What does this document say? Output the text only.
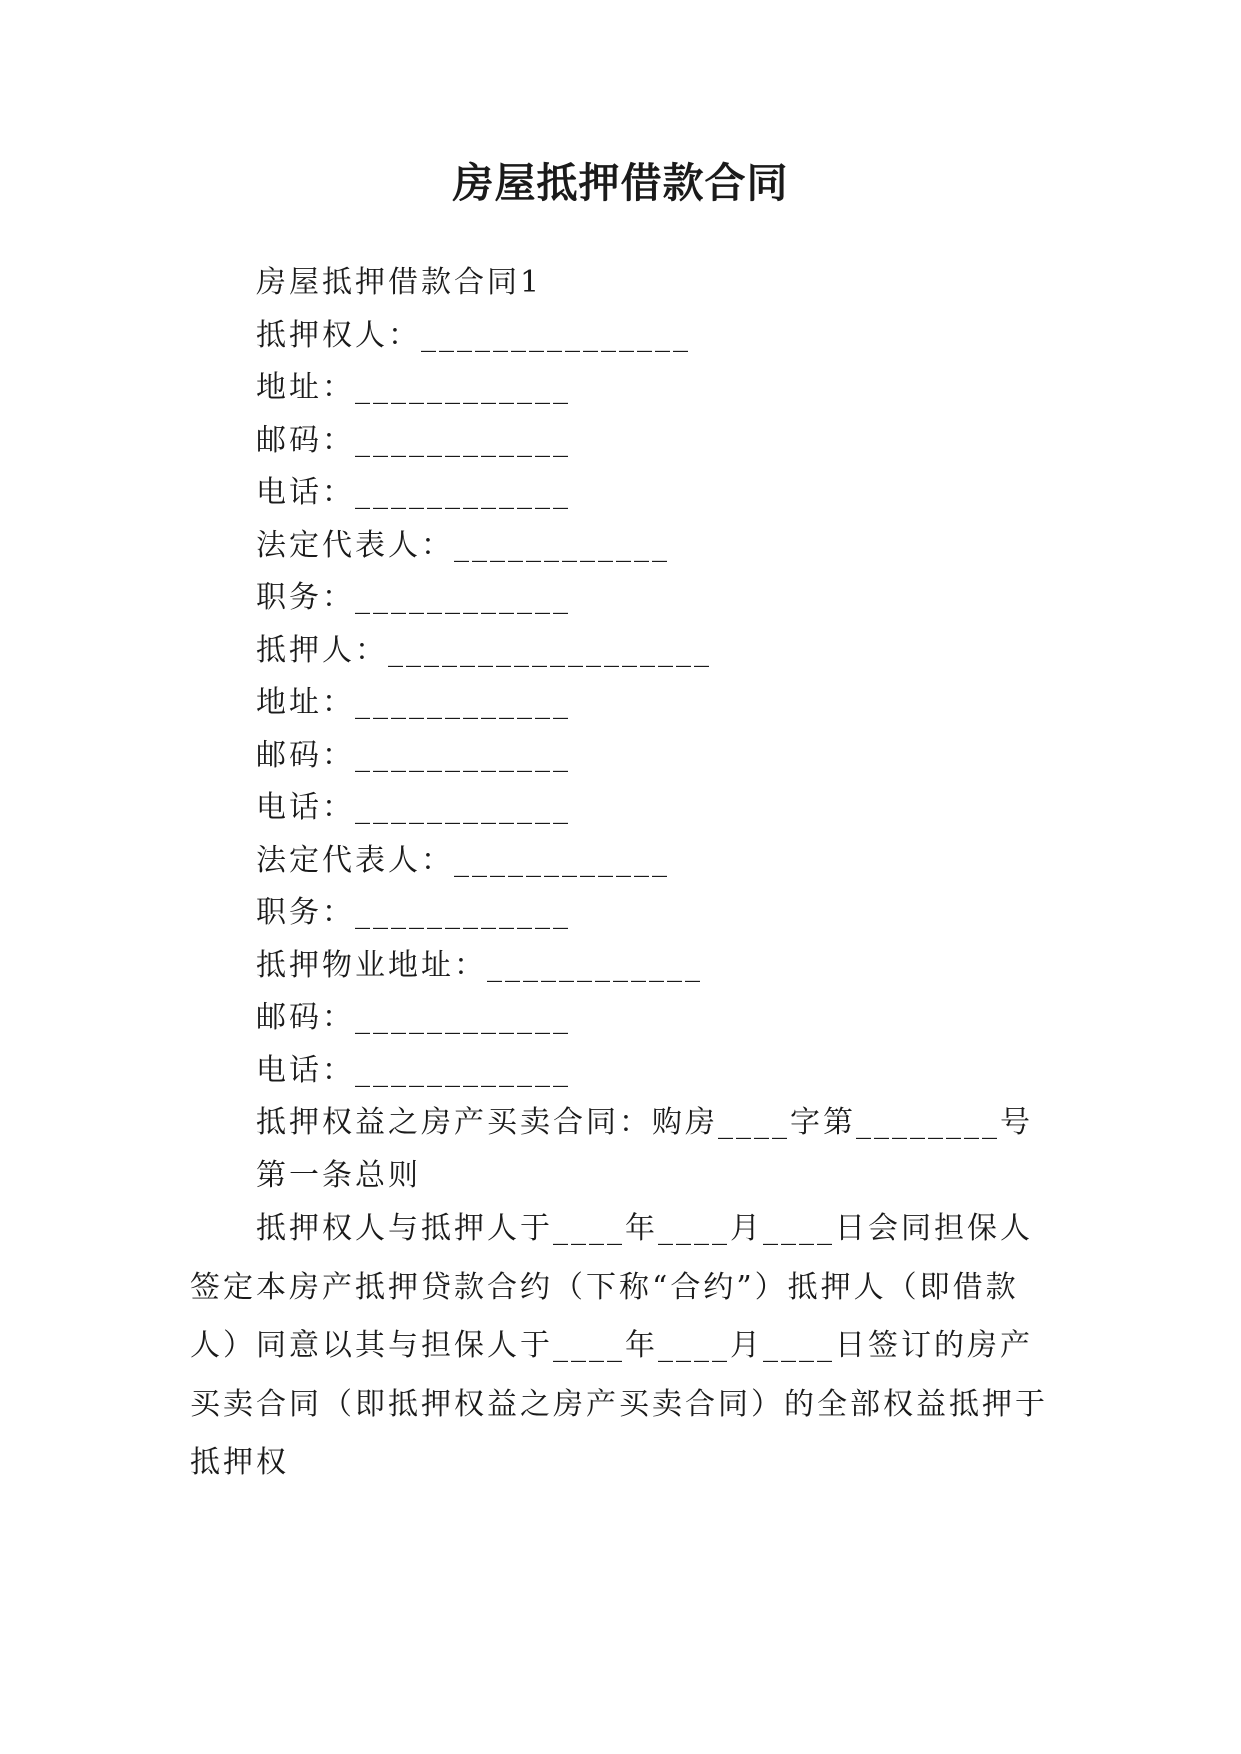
房屋抵押借款合同
房屋抵押借款合同1
抵押权人：_______________
地址：____________
邮码：____________
电话：____________
法定代表人：____________
职务：____________
抵押人：__________________
地址：____________
邮码：____________
电话：____________
法定代表人：____________
职务：____________
抵押物业地址：____________
邮码：____________
电话：____________
抵押权益之房产买卖合同：购房____字第________号
第一条总则
抵押权人与抵押人于____年____月____日会同担保人签定本房产抵押贷款合约（下称“合约”）抵押人（即借款人）同意以其与担保人于____年____月____日签订的房产买卖合同（即抵押权益之房产买卖合同）的全部权益抵押于抵押权
